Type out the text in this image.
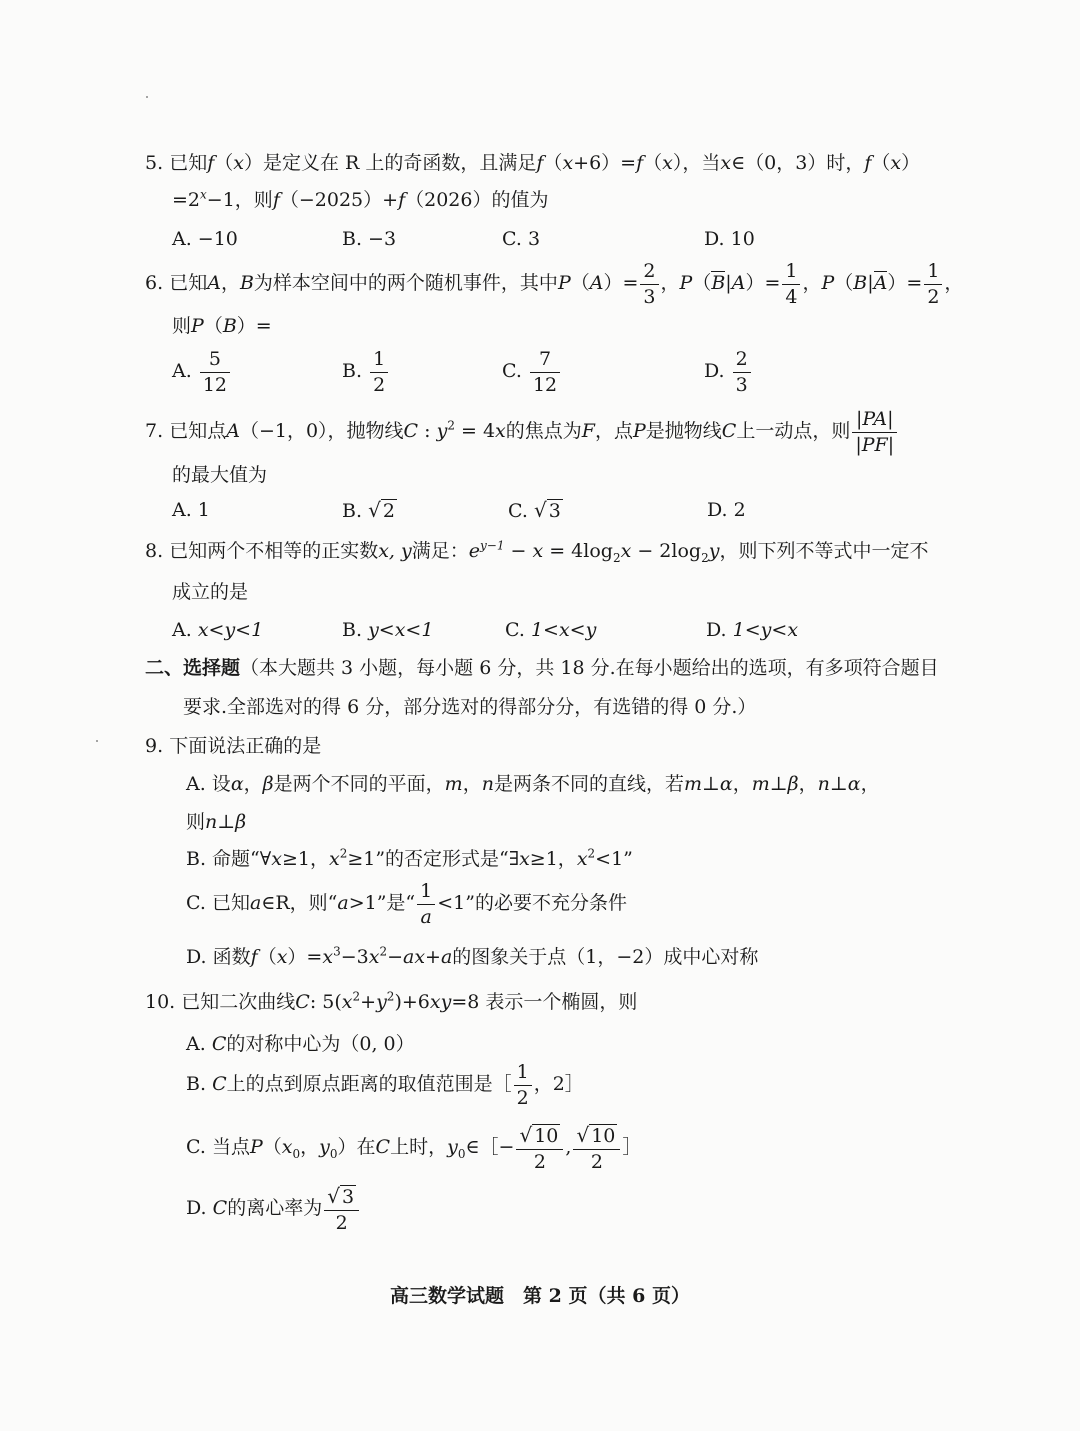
5. 已知f（x）是定义在 R 上的奇函数，且满足f（x+6）=f（x），当x∈（0，3）时，f（x）
$=2^x-1$，则f（−2025）+f（2026）的值为
A. −10	B. −3	C. 3	D. 10
6. 已知A，B为样本空间中的两个随机事件，其中$P(A)= \frac{2}{3}$ ，$P(B|A)= \frac{1}{4}$ ，$P(B|A)= \frac{1}{2}$ ，
则P（B）=
A. $\frac{5}{12}$	B. $\frac{1}{2}$	C. $\frac{7}{12}$	D. $\frac{2}{3}$
7. 已知点A（−1，0），抛物线C : $y^2 = 4x$的焦点为F，点P是抛物线C上一动点，则 $\frac{|PA|}{|PF|}$
的最大值为
A. 1	B. √ 2	C. √ 3	D. 2
8. 已知两个不相等的正实数x, y满足：$e^{y-1} - x = 4\log_2x - 2\log_2y$，则下列不等式中一定不
成立的是
A. x<y<1	B. y<x<1	C. 1<x<y	D. 1<y<x
二、选择题（本大题共 3 小题，每小题 6 分，共 18 分.在每小题给出的选项，有多项符合题目
要求.全部选对的得 6 分，部分选对的得部分分，有选错的得 0 分.）
9. 下面说法正确的是
A. 设α，β是两个不同的平面，m，n是两条不同的直线，若m⊥α，m⊥β，n⊥α，
则n⊥β
B. 命题“∀x≥1，$x^2\ge 1$”的否定形式是“∃x≥1，$x^2<1$”
C. 已知a∈R，则“a>1”是“ $\frac{1}{a} <1$”的必要不充分条件
D. 函数$f(x)=x^3-3x^2-ax+a$的图象关于点（1，−2）成中心对称
10. 已知二次曲线C: $5(x^2+y^2)+6xy=8$ 表示一个椭圆，则
A. C的对称中心为（0, 0）
B. C上的点到原点距离的取值范围是［ $\frac{1}{2}$ ，2］
C. 当点$P(x_0$，$y_0$）在C上时，$y_0\in[- \frac{√ 10}{2}$ , $\frac{√ 10}{2}$ ］
D. C的离心率为 $\frac{√ 3}{2}$
高三数学试题　第 2 页（共 6 页）
